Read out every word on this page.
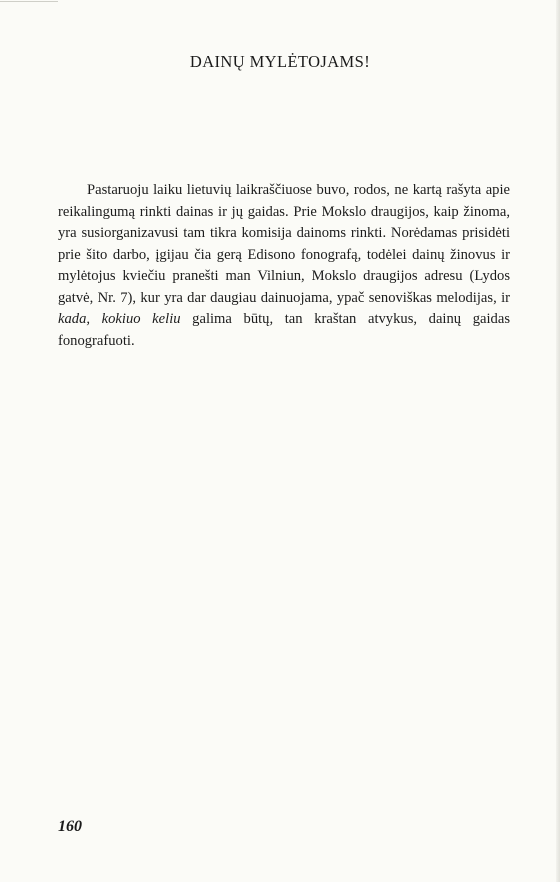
DAINŲ MYLĖTOJAMS!

Pastaruoju laiku lietuvių laikraščiuose buvo, rodos, ne kartą rašyta apie reikalingumą rinkti dainas ir jų gaidas. Prie Mokslo draugijos, kaip žinoma, yra susiorganizavusi tam tikra komisija dainoms rinkti. Norėdamas prisidėti prie šito darbo, įgijau čia gerą Edisono fonografą, todėlei dainų žinovus ir mylėtojus kviečiu pranešti man Vilniun, Mokslo draugijos adresu (Lydos gatvė, Nr. 7), kur yra dar daugiau dainuojama, ypač senoviškas melodijas, ir kada, kokiuo keliu galima būtų, tan kraštan atvykus, dainų gaidas fonografuoti.

160
